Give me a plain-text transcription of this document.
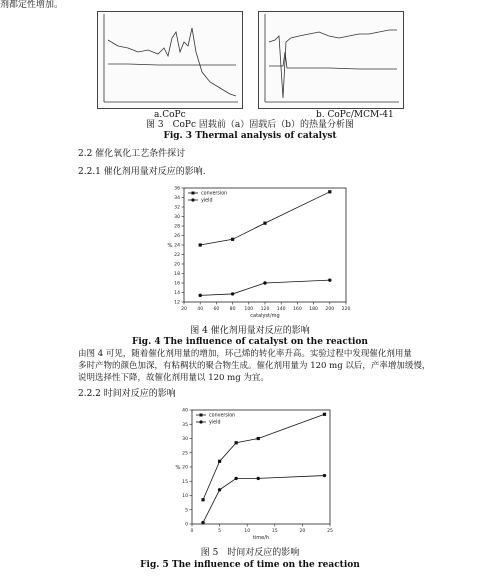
剂都定性增加。
a.CoPc	b. CoPc/MCM-41
图 3　CoPc 固载前（a）固载后（b）的热量分析图
Fig. 3 Thermal analysis of catalyst
2.2 催化氧化工艺条件探讨
2.2.1 催化剂用量对反应的影响.
20 40 60 80 100 120 140 160 180 200 220
12
14
16
18
20
22
24
26
28
30
32
34
36
catalyst/mg
%
conversion
yield
图 4 催化剂用量对反应的影响
Fig. 4 The influence of catalyst on the reaction
由图 4 可见，随着催化剂用量的增加，环己烯的转化率升高。实验过程中发现催化剂用量
多时产物的颜色加深，有粘稠状的聚合物生成。催化剂用量为 120 mg 以后，产率增加缓慢，
说明选择性下降，故催化剂用量以 120 mg 为宜。
2.2.2 时间对反应的影响
0	5	10	15	20	25
0
5
10
15
20
25
30
35
40
time/h
%
conversion
yield
图 5　时间对反应的影响
Fig. 5 The influence of time on the reaction
